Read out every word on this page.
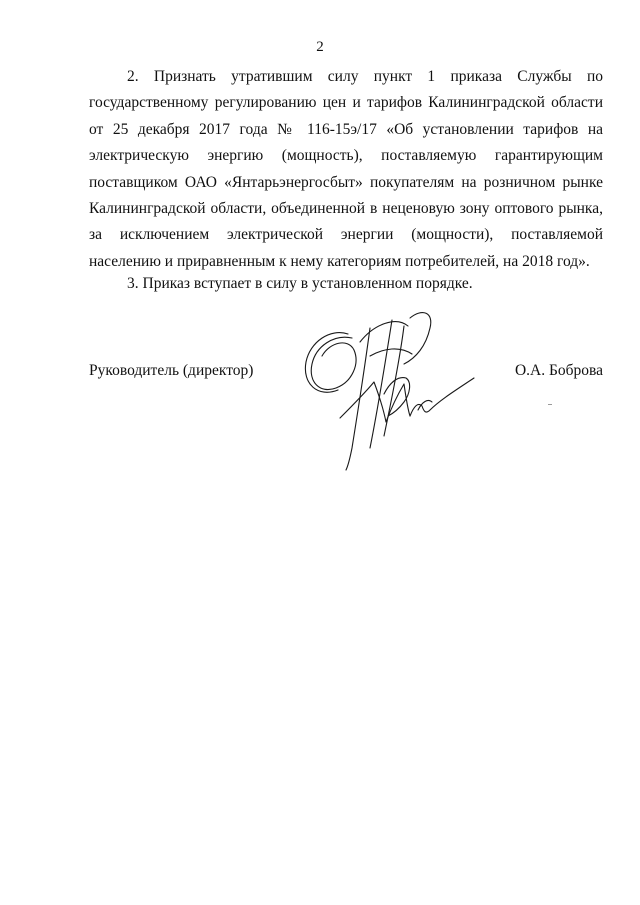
2

2. Признать утратившим силу пункт 1 приказа Службы по государственному регулированию цен и тарифов Калининградской области от 25 декабря 2017 года № 116-15э/17 «Об установлении тарифов на электрическую энергию (мощность), поставляемую гарантирующим поставщиком ОАО «Янтарьэнергосбыт» покупателям на розничном рынке Калининградской области, объединенной в неценовую зону оптового рынка, за исключением электрической энергии (мощности), поставляемой населению и приравненным к нему категориям потребителей, на 2018 год».

3. Приказ вступает в силу в установленном порядке.

Руководитель (директор)	О.А. Боброва
